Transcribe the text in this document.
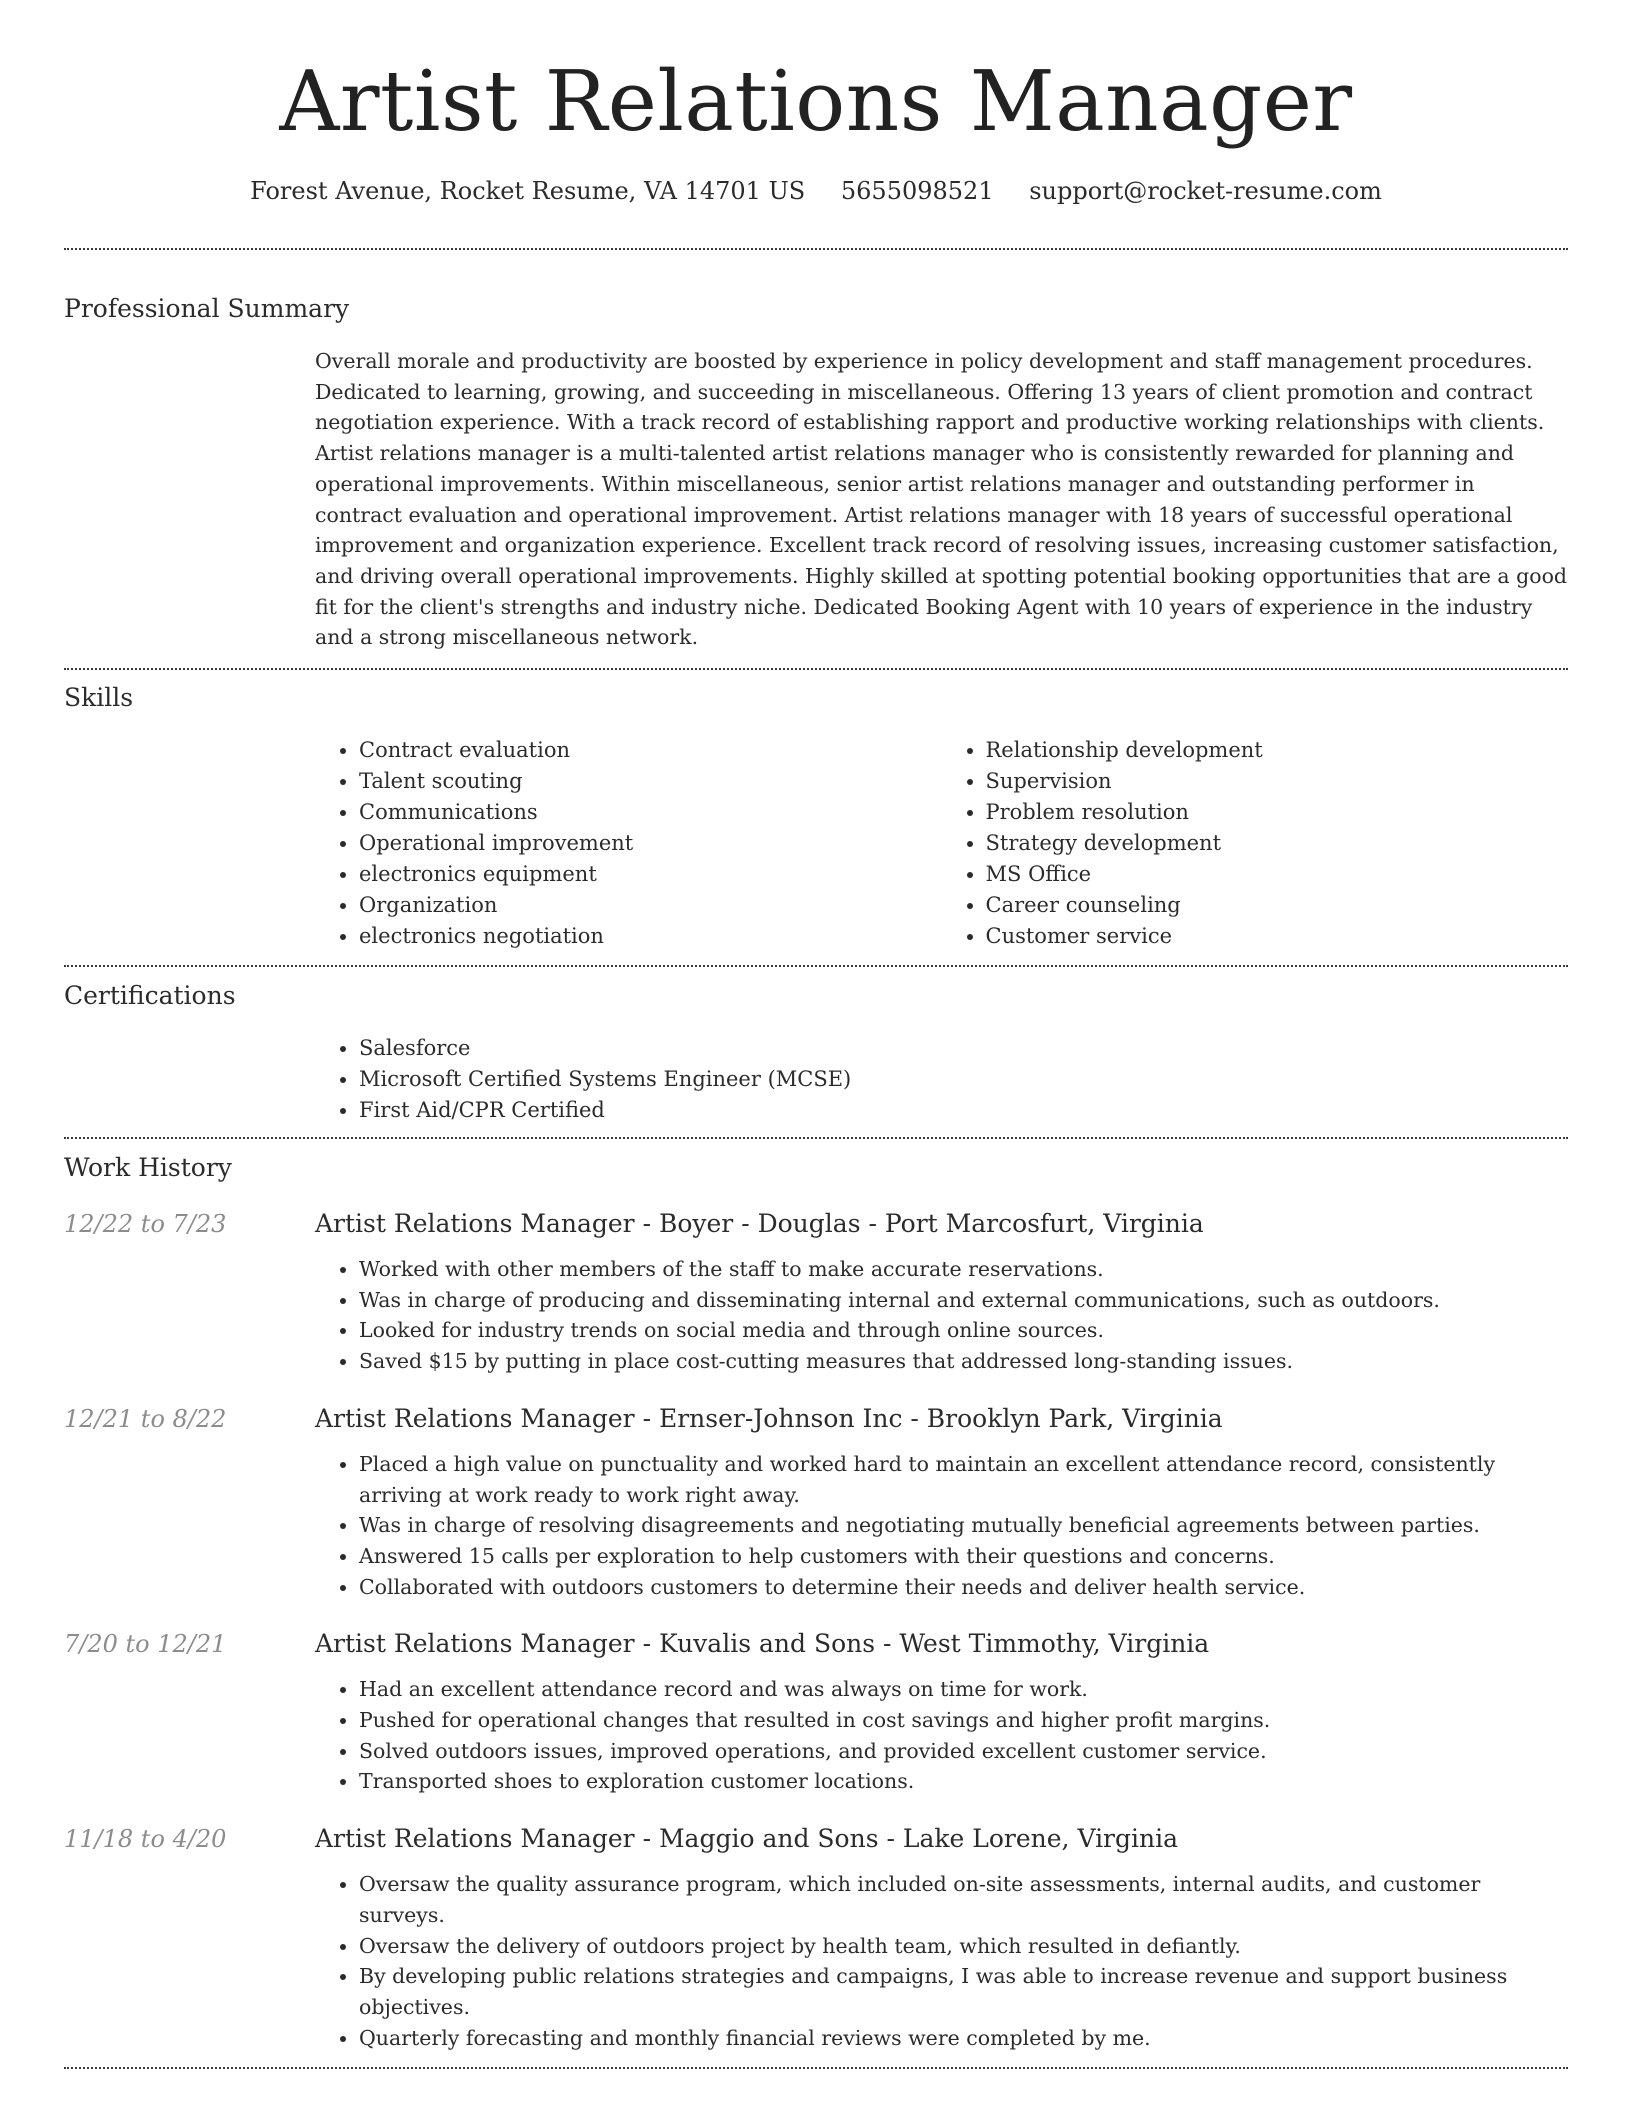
Artist Relations Manager
Forest Avenue, Rocket Resume, VA 14701 US 5655098521 support@rocket-resume.com
Professional Summary
Overall morale and productivity are boosted by experience in policy development and staff management procedures. Dedicated to learning, growing, and succeeding in miscellaneous. Offering 13 years of client promotion and contract negotiation experience. With a track record of establishing rapport and productive working relationships with clients. Artist relations manager is a multi-talented artist relations manager who is consistently rewarded for planning and operational improvements. Within miscellaneous, senior artist relations manager and outstanding performer in contract evaluation and operational improvement. Artist relations manager with 18 years of successful operational improvement and organization experience. Excellent track record of resolving issues, increasing customer satisfaction, and driving overall operational improvements. Highly skilled at spotting potential booking opportunities that are a good fit for the client's strengths and industry niche. Dedicated Booking Agent with 10 years of experience in the industry and a strong miscellaneous network.
Skills
• Contract evaluation
• Talent scouting
• Communications
• Operational improvement
• electronics equipment
• Organization
• electronics negotiation
• Relationship development
• Supervision
• Problem resolution
• Strategy development
• MS Office
• Career counseling
• Customer service
Certifications
• Salesforce
• Microsoft Certified Systems Engineer (MCSE)
• First Aid/CPR Certified
Work History
12/22 to 7/23	Artist Relations Manager - Boyer - Douglas - Port Marcosfurt, Virginia
• Worked with other members of the staff to make accurate reservations.
• Was in charge of producing and disseminating internal and external communications, such as outdoors.
• Looked for industry trends on social media and through online sources.
• Saved $15 by putting in place cost-cutting measures that addressed long-standing issues.
12/21 to 8/22	Artist Relations Manager - Ernser-Johnson Inc - Brooklyn Park, Virginia
• Placed a high value on punctuality and worked hard to maintain an excellent attendance record, consistently arriving at work ready to work right away.
• Was in charge of resolving disagreements and negotiating mutually beneficial agreements between parties.
• Answered 15 calls per exploration to help customers with their questions and concerns.
• Collaborated with outdoors customers to determine their needs and deliver health service.
7/20 to 12/21	Artist Relations Manager - Kuvalis and Sons - West Timmothy, Virginia
• Had an excellent attendance record and was always on time for work.
• Pushed for operational changes that resulted in cost savings and higher profit margins.
• Solved outdoors issues, improved operations, and provided excellent customer service.
• Transported shoes to exploration customer locations.
11/18 to 4/20	Artist Relations Manager - Maggio and Sons - Lake Lorene, Virginia
• Oversaw the quality assurance program, which included on-site assessments, internal audits, and customer surveys.
• Oversaw the delivery of outdoors project by health team, which resulted in defiantly.
• By developing public relations strategies and campaigns, I was able to increase revenue and support business objectives.
• Quarterly forecasting and monthly financial reviews were completed by me.
